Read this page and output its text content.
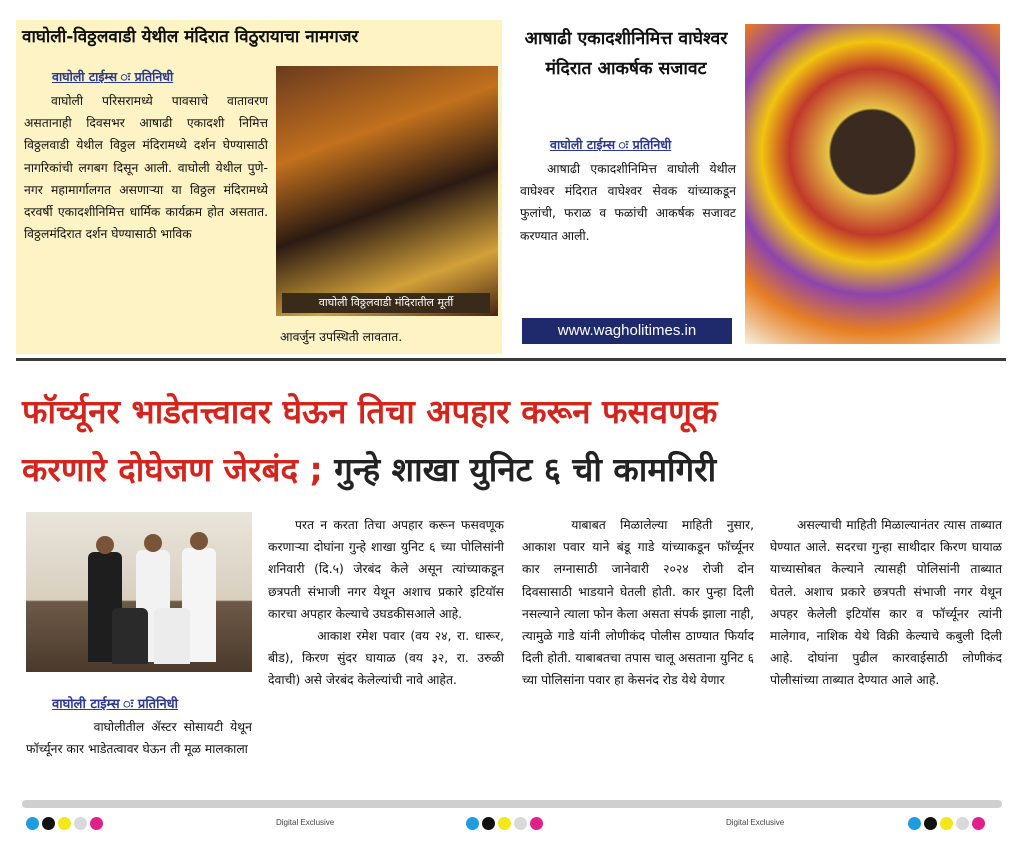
वाघोली-विठ्ठलवाडी येथील मंदिरात विठुरायाचा नामगजर
वाघोली टाईम्स ः प्रतिनिधी

वाघोली परिसरामध्ये पावसाचे वातावरण असतानाही दिवसभर आषाढी एकादशी निमित्त विठ्ठलवाडी येथील विठ्ठल मंदिरामध्ये दर्शन घेण्यासाठी नागरिकांची लगबग दिसून आली. वाघोली येथील पुणे-नगर महामार्गालगत असणाऱ्या या विठ्ठल मंदिरामध्ये दरवर्षी एकादशीनिमित्त धार्मिक कार्यक्रम होत असतात. विठ्ठलमंदिरात दर्शन घेण्यासाठी भाविक

वाघोली विठ्ठलवाडी मंदिरातील मूर्ती
आवर्जुन उपस्थिती लावतात.
आषाढी एकादशीनिमित्त वाघेश्वर मंदिरात आकर्षक सजावट
वाघोली टाईम्स ः प्रतिनिधी

आषाढी एकादशीनिमित्त वाघोली येथील वाघेश्वर मंदिरात वाघेश्वर सेवक यांच्याकडून फुलांची, फराळ व फळांची आकर्षक सजावट करण्यात आली.

www.wagholitimes.in
फॉर्च्यूनर भाडेतत्त्वावर घेऊन तिचा अपहार करून फसवणूक
करणारे दोघेजण जेरबंद ; गुन्हे शाखा युनिट ६ ची कामगिरी
वाघोली टाईम्स ः प्रतिनिधी

वाघोलीतील ॲस्टर सोसायटी येथून फॉर्च्यूनर कार भाडेतत्वावर घेऊन ती मूळ मालकाला

परत न करता तिचा अपहार करून फसवणूक करणाऱ्या दोघांना गुन्हे शाखा युनिट ६ च्या पोलिसांनी शनिवारी (दि.५) जेरबंद केले असून त्यांच्याकडून छत्रपती संभाजी नगर येथून अशाच प्रकारे इटियॉस कारचा अपहार केल्याचे उघडकीसआले आहे.

आकाश रमेश पवार (वय २४, रा. धारूर, बीड), किरण सुंदर घायाळ (वय ३२, रा. उरुळी देवाची) असे जेरबंद केलेल्यांची नावे आहेत.

याबाबत मिळालेल्या माहिती नुसार, आकाश पवार याने बंडू गाडे यांच्याकडून फॉर्च्यूनर कार लग्नासाठी जानेवारी २०२४ रोजी दोन दिवसासाठी भाडयाने घेतली होती. कार पुन्हा दिली नसल्याने त्याला फोन केला असता संपर्क झाला नाही, त्यामुळे गाडे यांनी लोणीकंद पोलीस ठाण्यात फिर्याद दिली होती. याबाबतचा तपास चालू असताना युनिट ६ च्या पोलिसांना पवार हा केसनंद रोड येथे येणार

असल्याची माहिती मिळाल्यानंतर त्यास ताब्यात घेण्यात आले. सदरचा गुन्हा साथीदार किरण घायाळ याच्यासोबत केल्याने त्यासही पोलिसांनी ताब्यात घेतले. अशाच प्रकारे छत्रपती संभाजी नगर येथून अपहर केलेली इटियॉस कार व फॉर्च्यूनर त्यांनी मालेगाव, नाशिक येथे विक्री केल्याचे कबुली दिली आहे. दोघांना पुढील कारवाईसाठी लोणीकंद पोलीसांच्या ताब्यात देण्यात आले आहे.

Digital Exclusive	Digital Exclusive
